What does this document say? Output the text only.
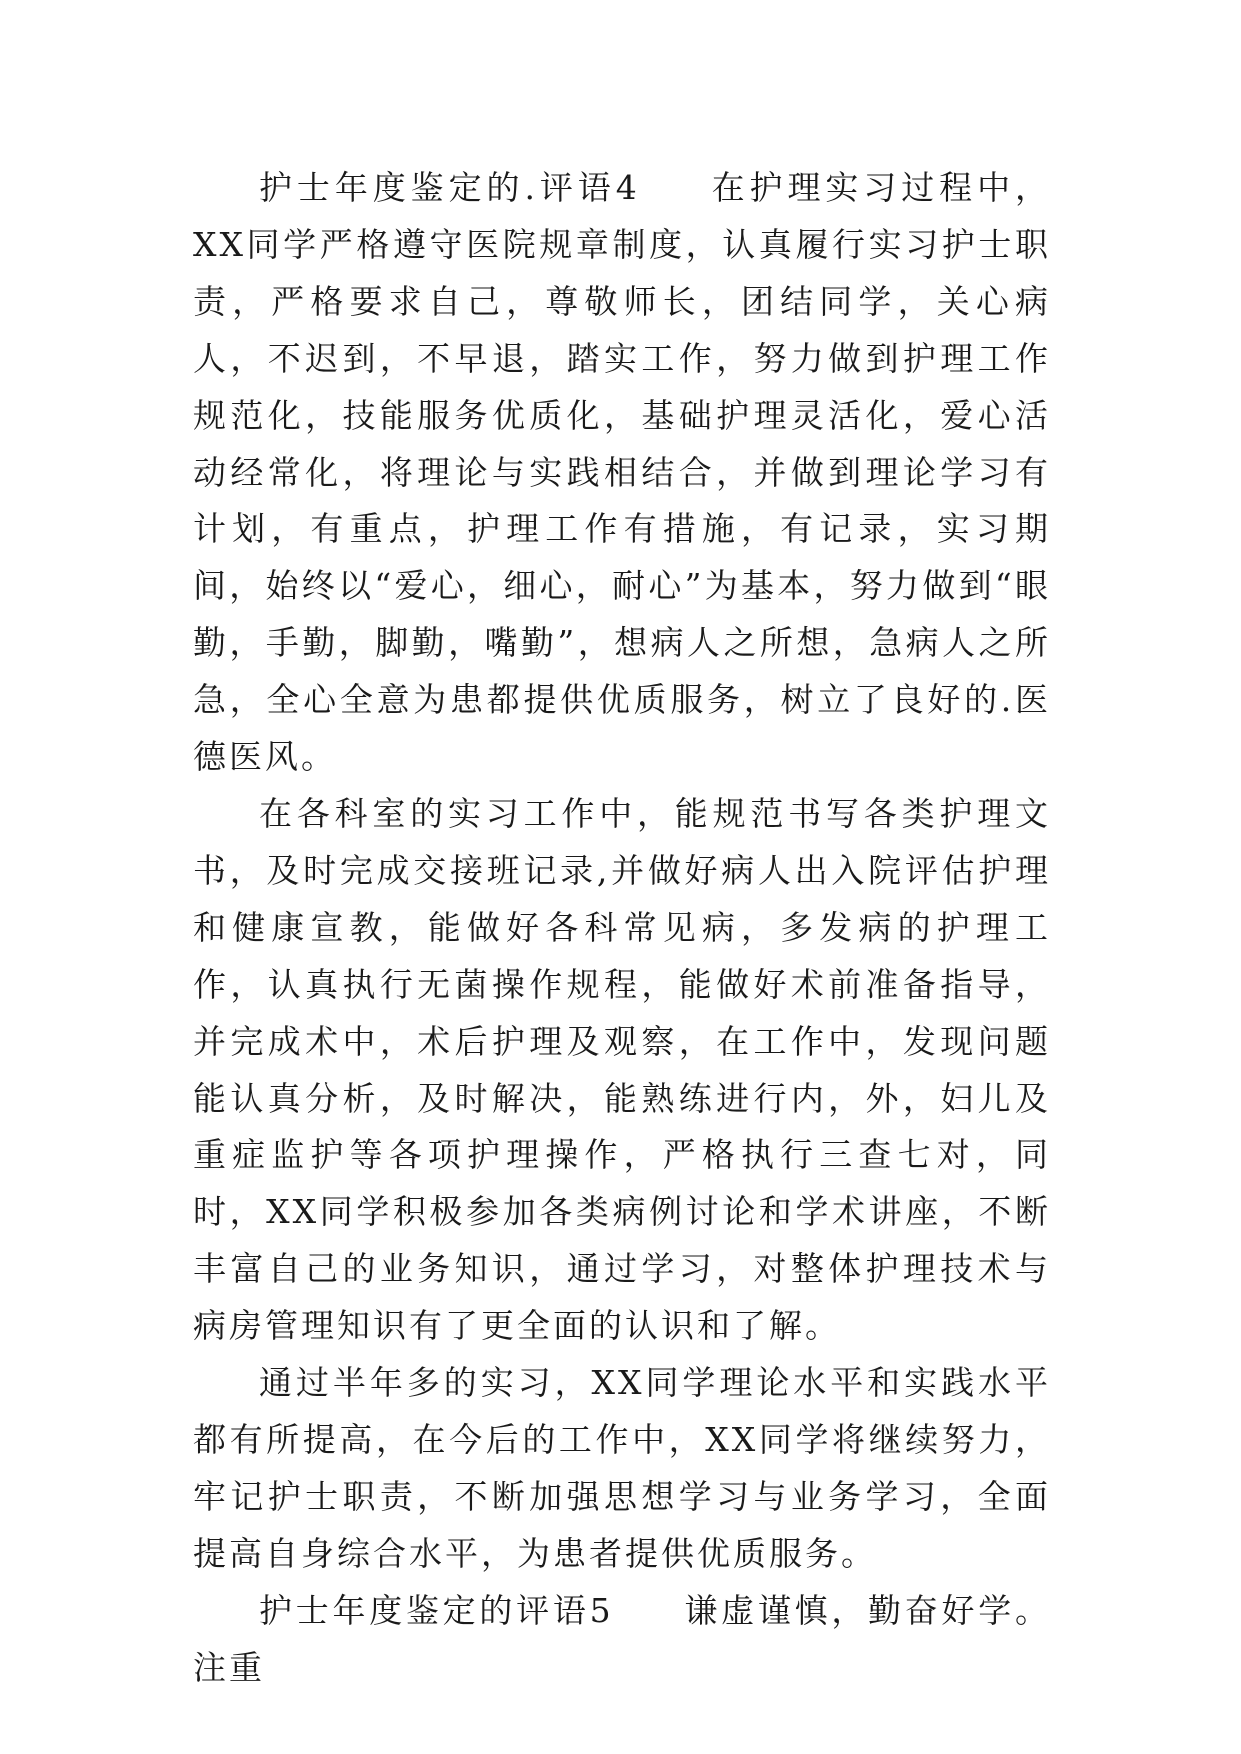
护士年度鉴定的.评语4 在护理实习过程中，XX同学严格遵守医院规章制度，认真履行实习护士职责，严格要求自己，尊敬师长，团结同学，关心病人，不迟到，不早退，踏实工作，努力做到护理工作规范化，技能服务优质化，基础护理灵活化，爱心活动经常化，将理论与实践相结合，并做到理论学习有计划，有重点，护理工作有措施，有记录，实习期间，始终以“爱心，细心，耐心”为基本，努力做到“眼勤，手勤，脚勤，嘴勤”，想病人之所想，急病人之所急，全心全意为患都提供优质服务，树立了良好的.医德医风。

在各科室的实习工作中，能规范书写各类护理文书，及时完成交接班记录,并做好病人出入院评估护理和健康宣教，能做好各科常见病，多发病的护理工作，认真执行无菌操作规程，能做好术前准备指导，并完成术中，术后护理及观察，在工作中，发现问题能认真分析，及时解决，能熟练进行内，外，妇儿及重症监护等各项护理操作，严格执行三查七对，同时，XX同学积极参加各类病例讨论和学术讲座，不断丰富自己的业务知识，通过学习，对整体护理技术与病房管理知识有了更全面的认识和了解。

通过半年多的实习，XX同学理论水平和实践水平都有所提高，在今后的工作中，XX同学将继续努力，牢记护士职责，不断加强思想学习与业务学习，全面提高自身综合水平，为患者提供优质服务。

护士年度鉴定的评语5 谦虚谨慎，勤奋好学。注重
